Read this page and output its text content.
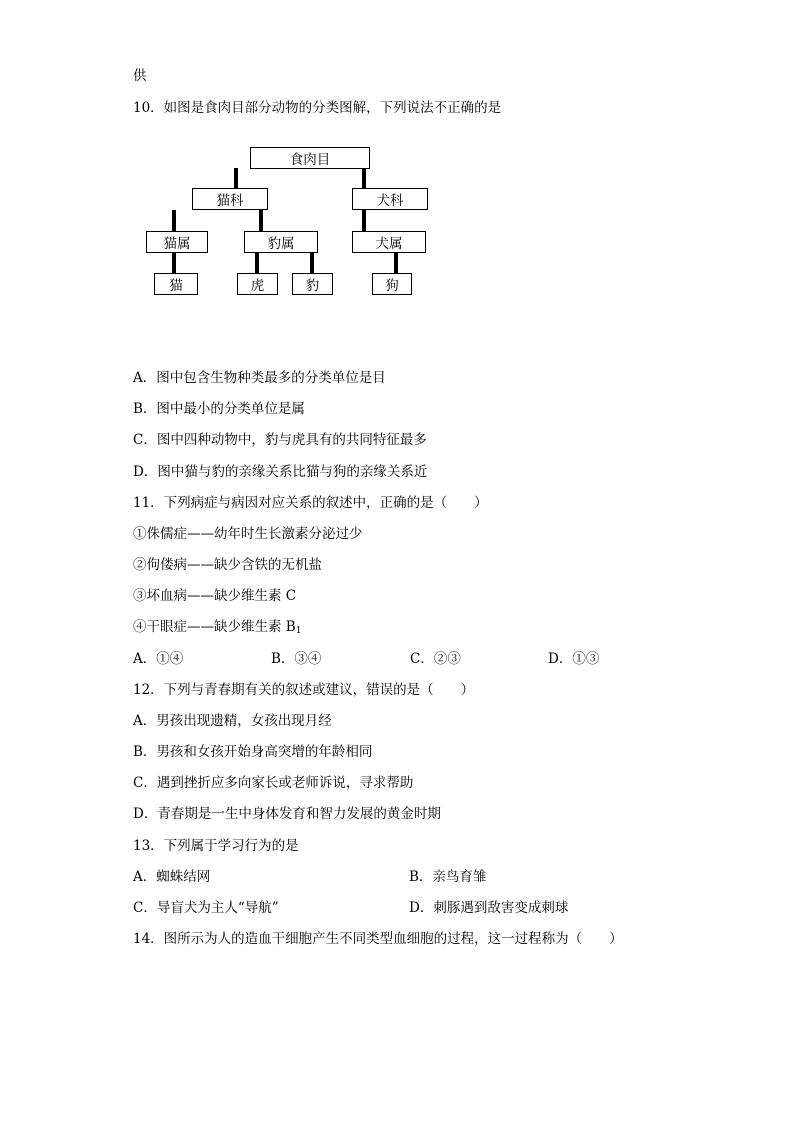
供
10．如图是食肉目部分动物的分类图解，下列说法不正确的是
食肉目
猫科	犬科
猫属	豹属	犬属
猫	虎	豹	狗
A．图中包含生物种类最多的分类单位是目
B．图中最小的分类单位是属
C．图中四种动物中，豹与虎具有的共同特征最多
D．图中猫与豹的亲缘关系比猫与狗的亲缘关系近
11．下列病症与病因对应关系的叙述中，正确的是（　　）
①侏儒症——幼年时生长激素分泌过少
②佝偻病——缺少含铁的无机盐
③坏血病——缺少维生素 C
④干眼症——缺少维生素 $B_1$
A．①④	B．③④	C．②③	D．①③
12．下列与青春期有关的叙述或建议，错误的是（　　）
A．男孩出现遗精，女孩出现月经
B．男孩和女孩开始身高突增的年龄相同
C．遇到挫折应多向家长或老师诉说，寻求帮助
D．青春期是一生中身体发育和智力发展的黄金时期
13．下列属于学习行为的是
A．蜘蛛结网	B．亲鸟育雏
C．导盲犬为主人“导航”	D．刺豚遇到敌害变成刺球
14．图所示为人的造血干细胞产生不同类型血细胞的过程，这一过程称为（　　）
